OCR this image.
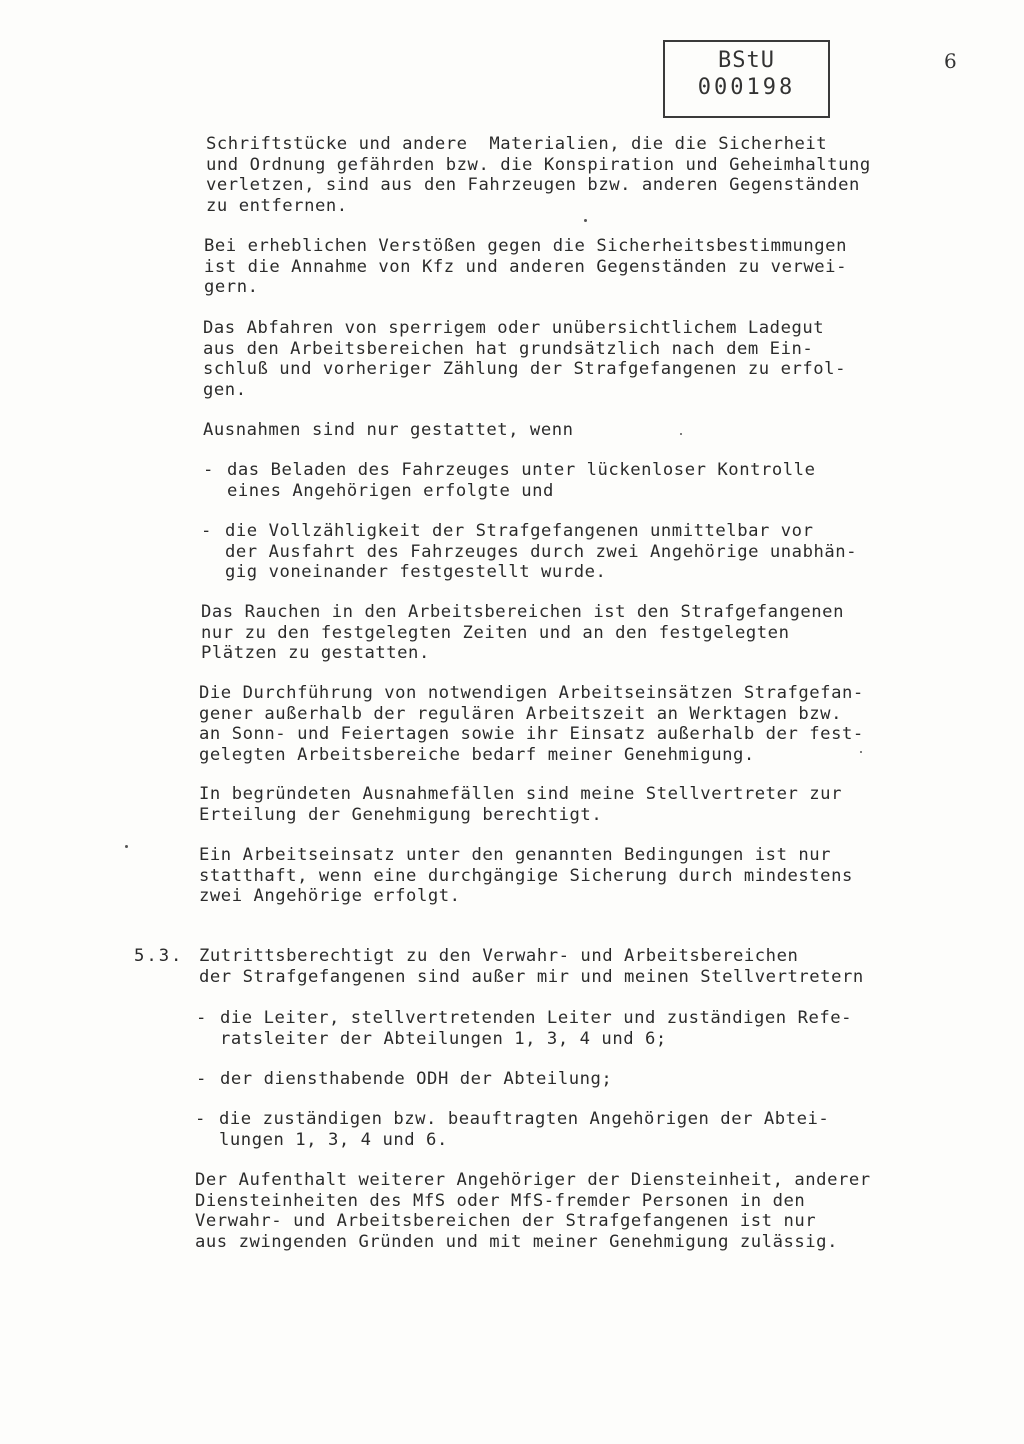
BStU
000198
6
Schriftstücke und andere  Materialien, die die Sicherheit
und Ordnung gefährden bzw. die Konspiration und Geheimhaltung
verletzen, sind aus den Fahrzeugen bzw. anderen Gegenständen
zu entfernen.
Bei erheblichen Verstößen gegen die Sicherheitsbestimmungen
ist die Annahme von Kfz und anderen Gegenständen zu verwei-
gern.
Das Abfahren von sperrigem oder unübersichtlichem Ladegut
aus den Arbeitsbereichen hat grundsätzlich nach dem Ein-
schluß und vorheriger Zählung der Strafgefangenen zu erfol-
gen.
Ausnahmen sind nur gestattet, wenn
- das Beladen des Fahrzeuges unter lückenloser Kontrolle
eines Angehörigen erfolgte und
- die Vollzähligkeit der Strafgefangenen unmittelbar vor
der Ausfahrt des Fahrzeuges durch zwei Angehörige unabhän-
gig voneinander festgestellt wurde.
Das Rauchen in den Arbeitsbereichen ist den Strafgefangenen
nur zu den festgelegten Zeiten und an den festgelegten
Plätzen zu gestatten.
Die Durchführung von notwendigen Arbeitseinsätzen Strafgefan-
gener außerhalb der regulären Arbeitszeit an Werktagen bzw.
an Sonn- und Feiertagen sowie ihr Einsatz außerhalb der fest-
gelegten Arbeitsbereiche bedarf meiner Genehmigung.
In begründeten Ausnahmefällen sind meine Stellvertreter zur
Erteilung der Genehmigung berechtigt.
Ein Arbeitseinsatz unter den genannten Bedingungen ist nur
statthaft, wenn eine durchgängige Sicherung durch mindestens
zwei Angehörige erfolgt.
5.3. Zutrittsberechtigt zu den Verwahr- und Arbeitsbereichen
der Strafgefangenen sind außer mir und meinen Stellvertretern
- die Leiter, stellvertretenden Leiter und zuständigen Refe-
ratsleiter der Abteilungen 1, 3, 4 und 6;
- der diensthabende ODH der Abteilung;
- die zuständigen bzw. beauftragten Angehörigen der Abtei-
lungen 1, 3, 4 und 6.
Der Aufenthalt weiterer Angehöriger der Diensteinheit, anderer
Diensteinheiten des MfS oder MfS-fremder Personen in den
Verwahr- und Arbeitsbereichen der Strafgefangenen ist nur
aus zwingenden Gründen und mit meiner Genehmigung zulässig.
